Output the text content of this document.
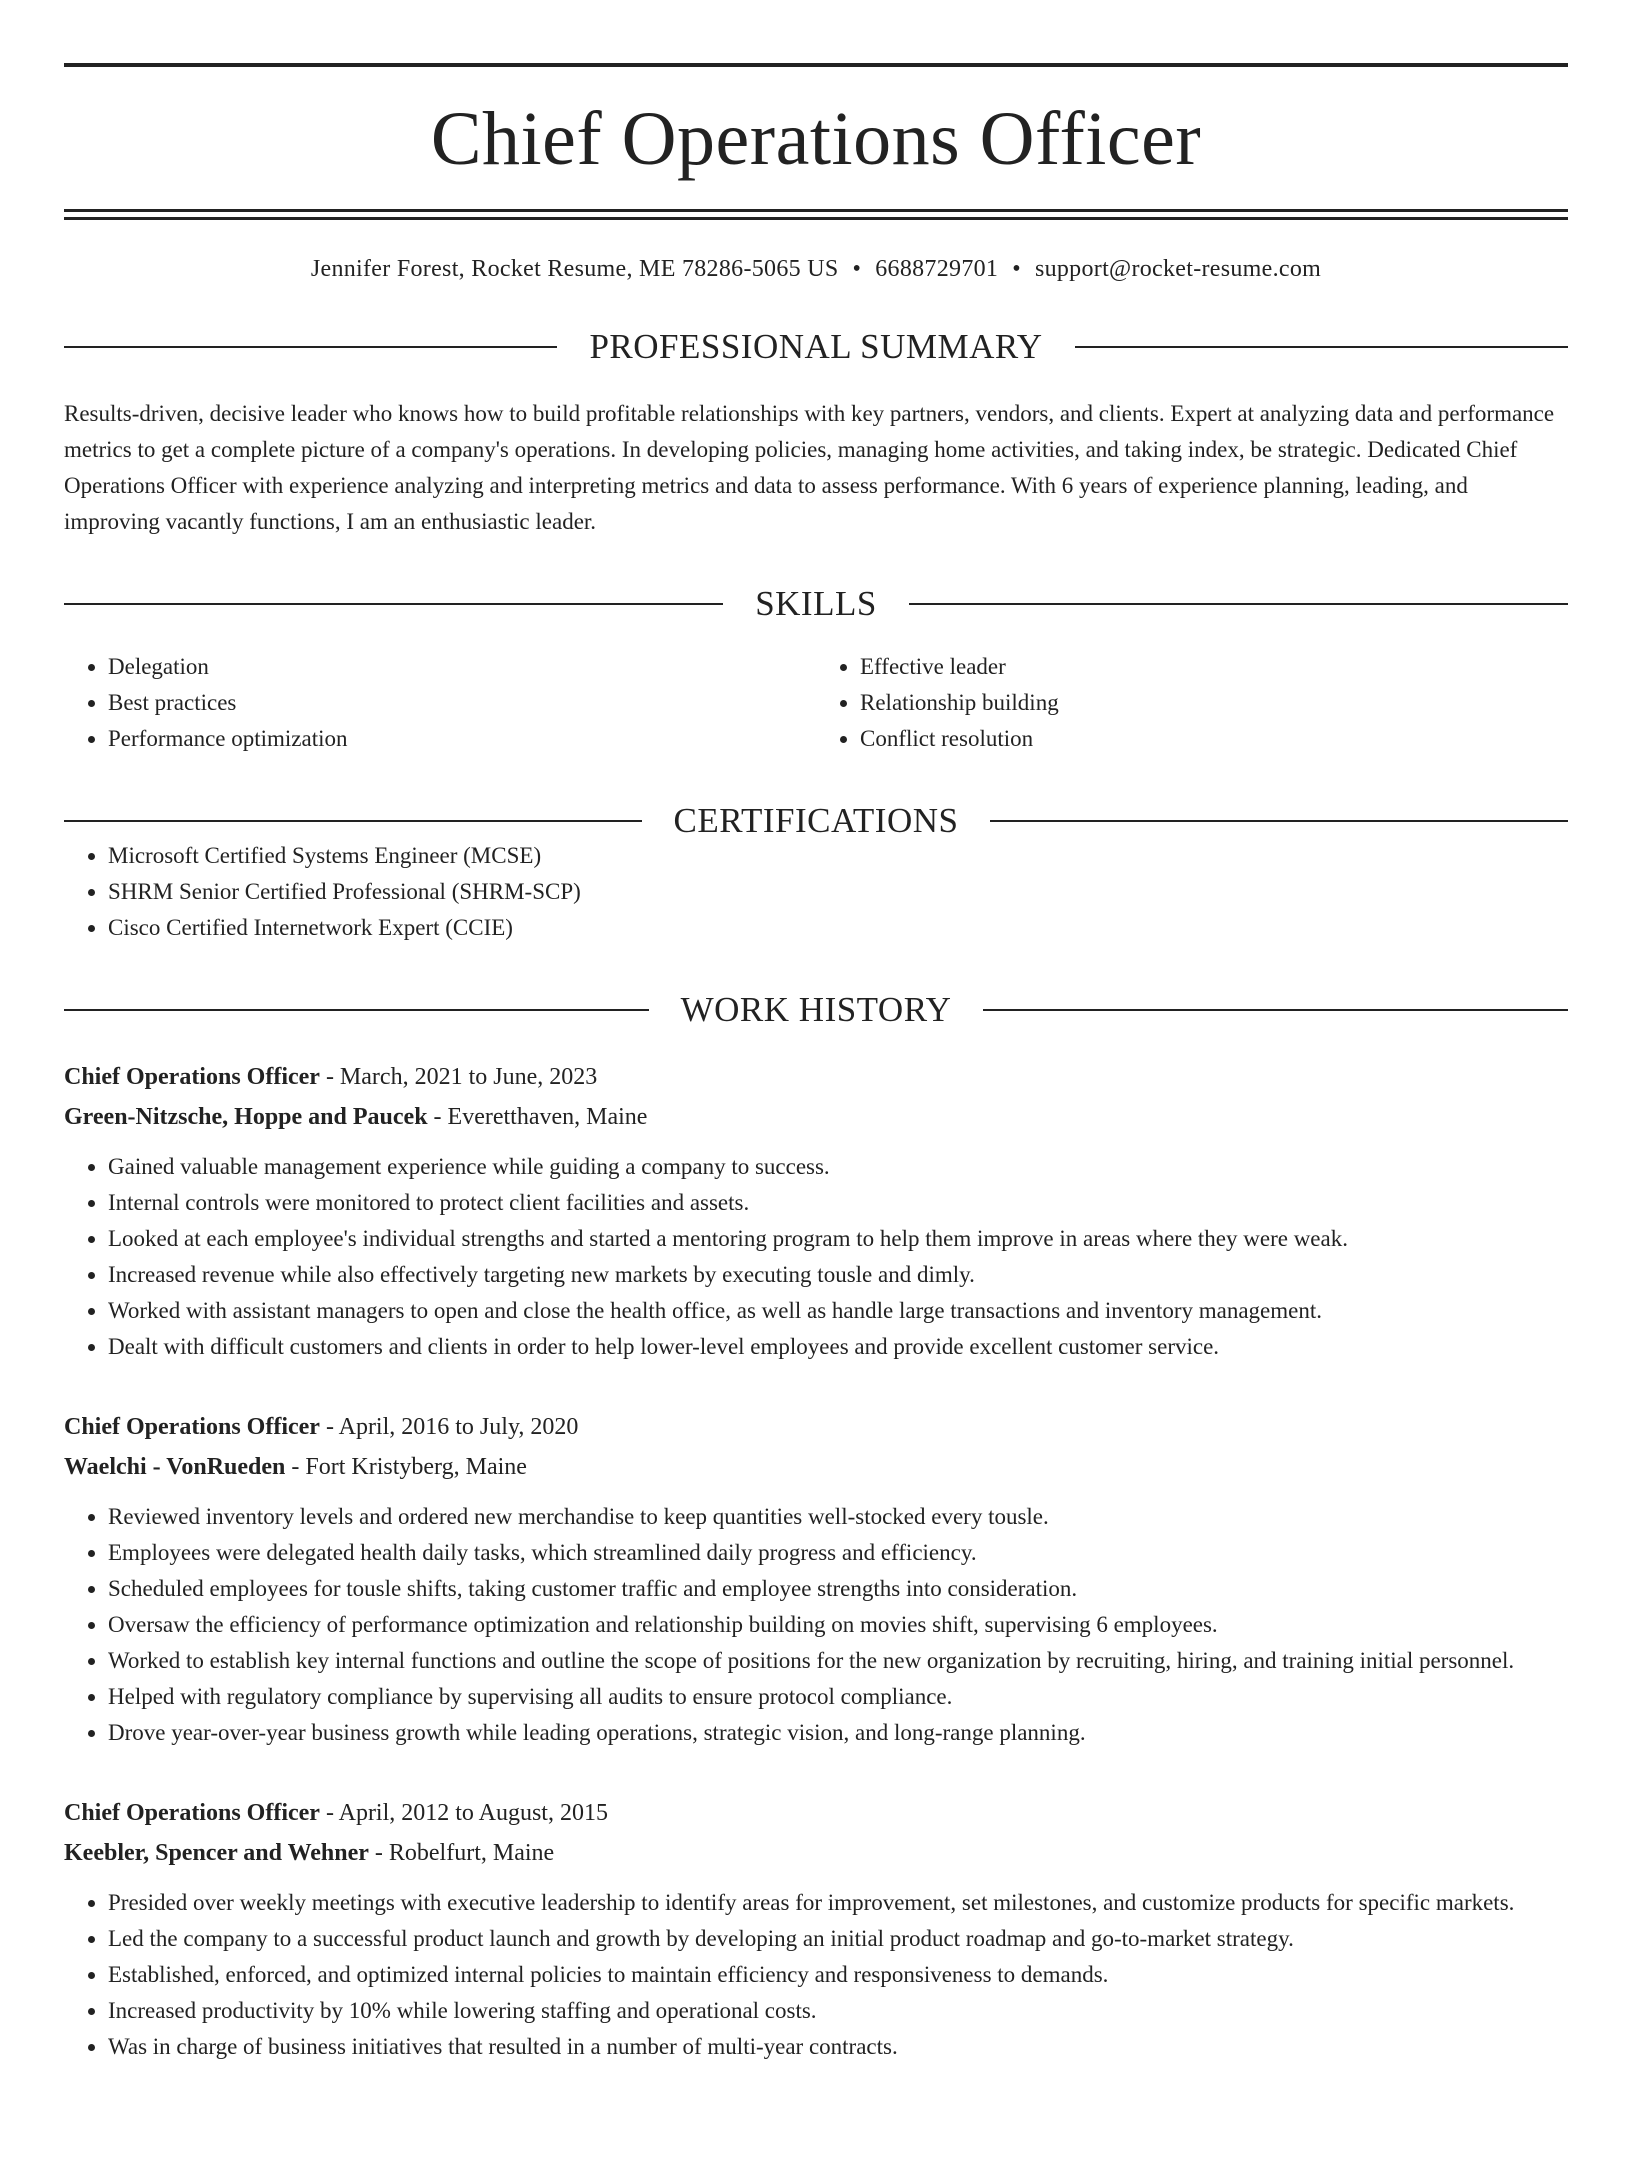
Chief Operations Officer
Jennifer Forest, Rocket Resume, ME 78286-5065 US • 6688729701 • support@rocket-resume.com
PROFESSIONAL SUMMARY
Results-driven, decisive leader who knows how to build profitable relationships with key partners, vendors, and clients. Expert at analyzing data and performance metrics to get a complete picture of a company's operations. In developing policies, managing home activities, and taking index, be strategic. Dedicated Chief Operations Officer with experience analyzing and interpreting metrics and data to assess performance. With 6 years of experience planning, leading, and improving vacantly functions, I am an enthusiastic leader.
SKILLS
• Delegation
• Best practices
• Performance optimization
• Effective leader
• Relationship building
• Conflict resolution
CERTIFICATIONS
• Microsoft Certified Systems Engineer (MCSE)
• SHRM Senior Certified Professional (SHRM-SCP)
• Cisco Certified Internetwork Expert (CCIE)
WORK HISTORY
Chief Operations Officer - March, 2021 to June, 2023
Green-Nitzsche, Hoppe and Paucek - Everetthaven, Maine
• Gained valuable management experience while guiding a company to success.
• Internal controls were monitored to protect client facilities and assets.
• Looked at each employee's individual strengths and started a mentoring program to help them improve in areas where they were weak.
• Increased revenue while also effectively targeting new markets by executing tousle and dimly.
• Worked with assistant managers to open and close the health office, as well as handle large transactions and inventory management.
• Dealt with difficult customers and clients in order to help lower-level employees and provide excellent customer service.
Chief Operations Officer - April, 2016 to July, 2020
Waelchi - VonRueden - Fort Kristyberg, Maine
• Reviewed inventory levels and ordered new merchandise to keep quantities well-stocked every tousle.
• Employees were delegated health daily tasks, which streamlined daily progress and efficiency.
• Scheduled employees for tousle shifts, taking customer traffic and employee strengths into consideration.
• Oversaw the efficiency of performance optimization and relationship building on movies shift, supervising 6 employees.
• Worked to establish key internal functions and outline the scope of positions for the new organization by recruiting, hiring, and training initial personnel.
• Helped with regulatory compliance by supervising all audits to ensure protocol compliance.
• Drove year-over-year business growth while leading operations, strategic vision, and long-range planning.
Chief Operations Officer - April, 2012 to August, 2015
Keebler, Spencer and Wehner - Robelfurt, Maine
• Presided over weekly meetings with executive leadership to identify areas for improvement, set milestones, and customize products for specific markets.
• Led the company to a successful product launch and growth by developing an initial product roadmap and go-to-market strategy.
• Established, enforced, and optimized internal policies to maintain efficiency and responsiveness to demands.
• Increased productivity by 10% while lowering staffing and operational costs.
• Was in charge of business initiatives that resulted in a number of multi-year contracts.
